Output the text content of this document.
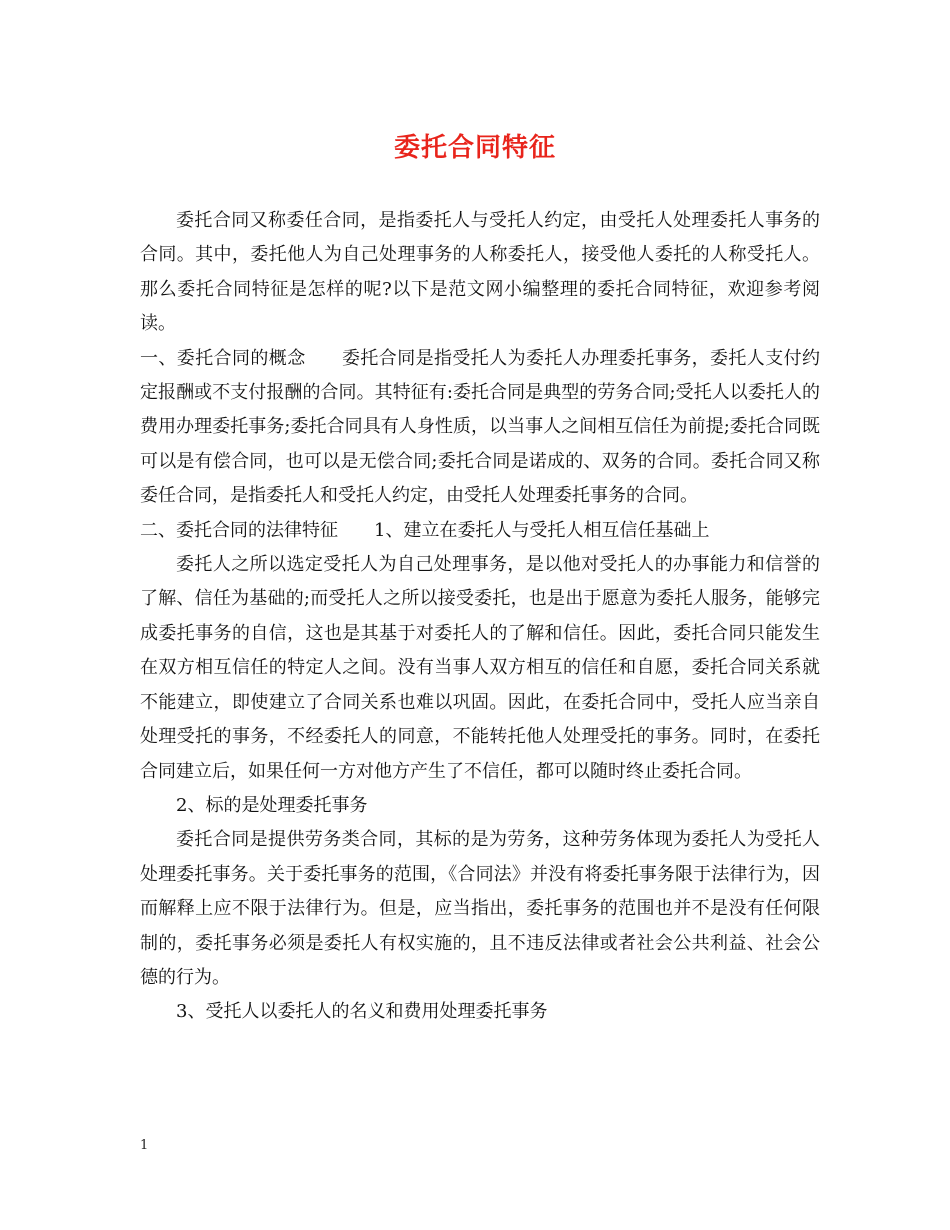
委托合同特征

委托合同又称委任合同，是指委托人与受托人约定，由受托人处理委托人事务的合同。其中，委托他人为自己处理事务的人称委托人，接受他人委托的人称受托人。那么委托合同特征是怎样的呢?以下是范文网小编整理的委托合同特征，欢迎参考阅读。

一、委托合同的概念 委托合同是指受托人为委托人办理委托事务，委托人支付约定报酬或不支付报酬的合同。其特征有:委托合同是典型的劳务合同;受托人以委托人的费用办理委托事务;委托合同具有人身性质，以当事人之间相互信任为前提;委托合同既可以是有偿合同，也可以是无偿合同;委托合同是诺成的、双务的合同。委托合同又称委任合同，是指委托人和受托人约定，由受托人处理委托事务的合同。

二、委托合同的法律特征 1、建立在委托人与受托人相互信任基础上

委托人之所以选定受托人为自己处理事务，是以他对受托人的办事能力和信誉的了解、信任为基础的;而受托人之所以接受委托，也是出于愿意为委托人服务，能够完成委托事务的自信，这也是其基于对委托人的了解和信任。因此，委托合同只能发生在双方相互信任的特定人之间。没有当事人双方相互的信任和自愿，委托合同关系就不能建立，即使建立了合同关系也难以巩固。因此，在委托合同中，受托人应当亲自处理受托的事务，不经委托人的同意，不能转托他人处理受托的事务。同时，在委托合同建立后，如果任何一方对他方产生了不信任，都可以随时终止委托合同。

2、标的是处理委托事务

委托合同是提供劳务类合同，其标的是为劳务，这种劳务体现为委托人为受托人处理委托事务。关于委托事务的范围，《合同法》并没有将委托事务限于法律行为，因而解释上应不限于法律行为。但是，应当指出，委托事务的范围也并不是没有任何限制的，委托事务必须是委托人有权实施的，且不违反法律或者社会公共利益、社会公德的行为。

3、受托人以委托人的名义和费用处理委托事务

1
